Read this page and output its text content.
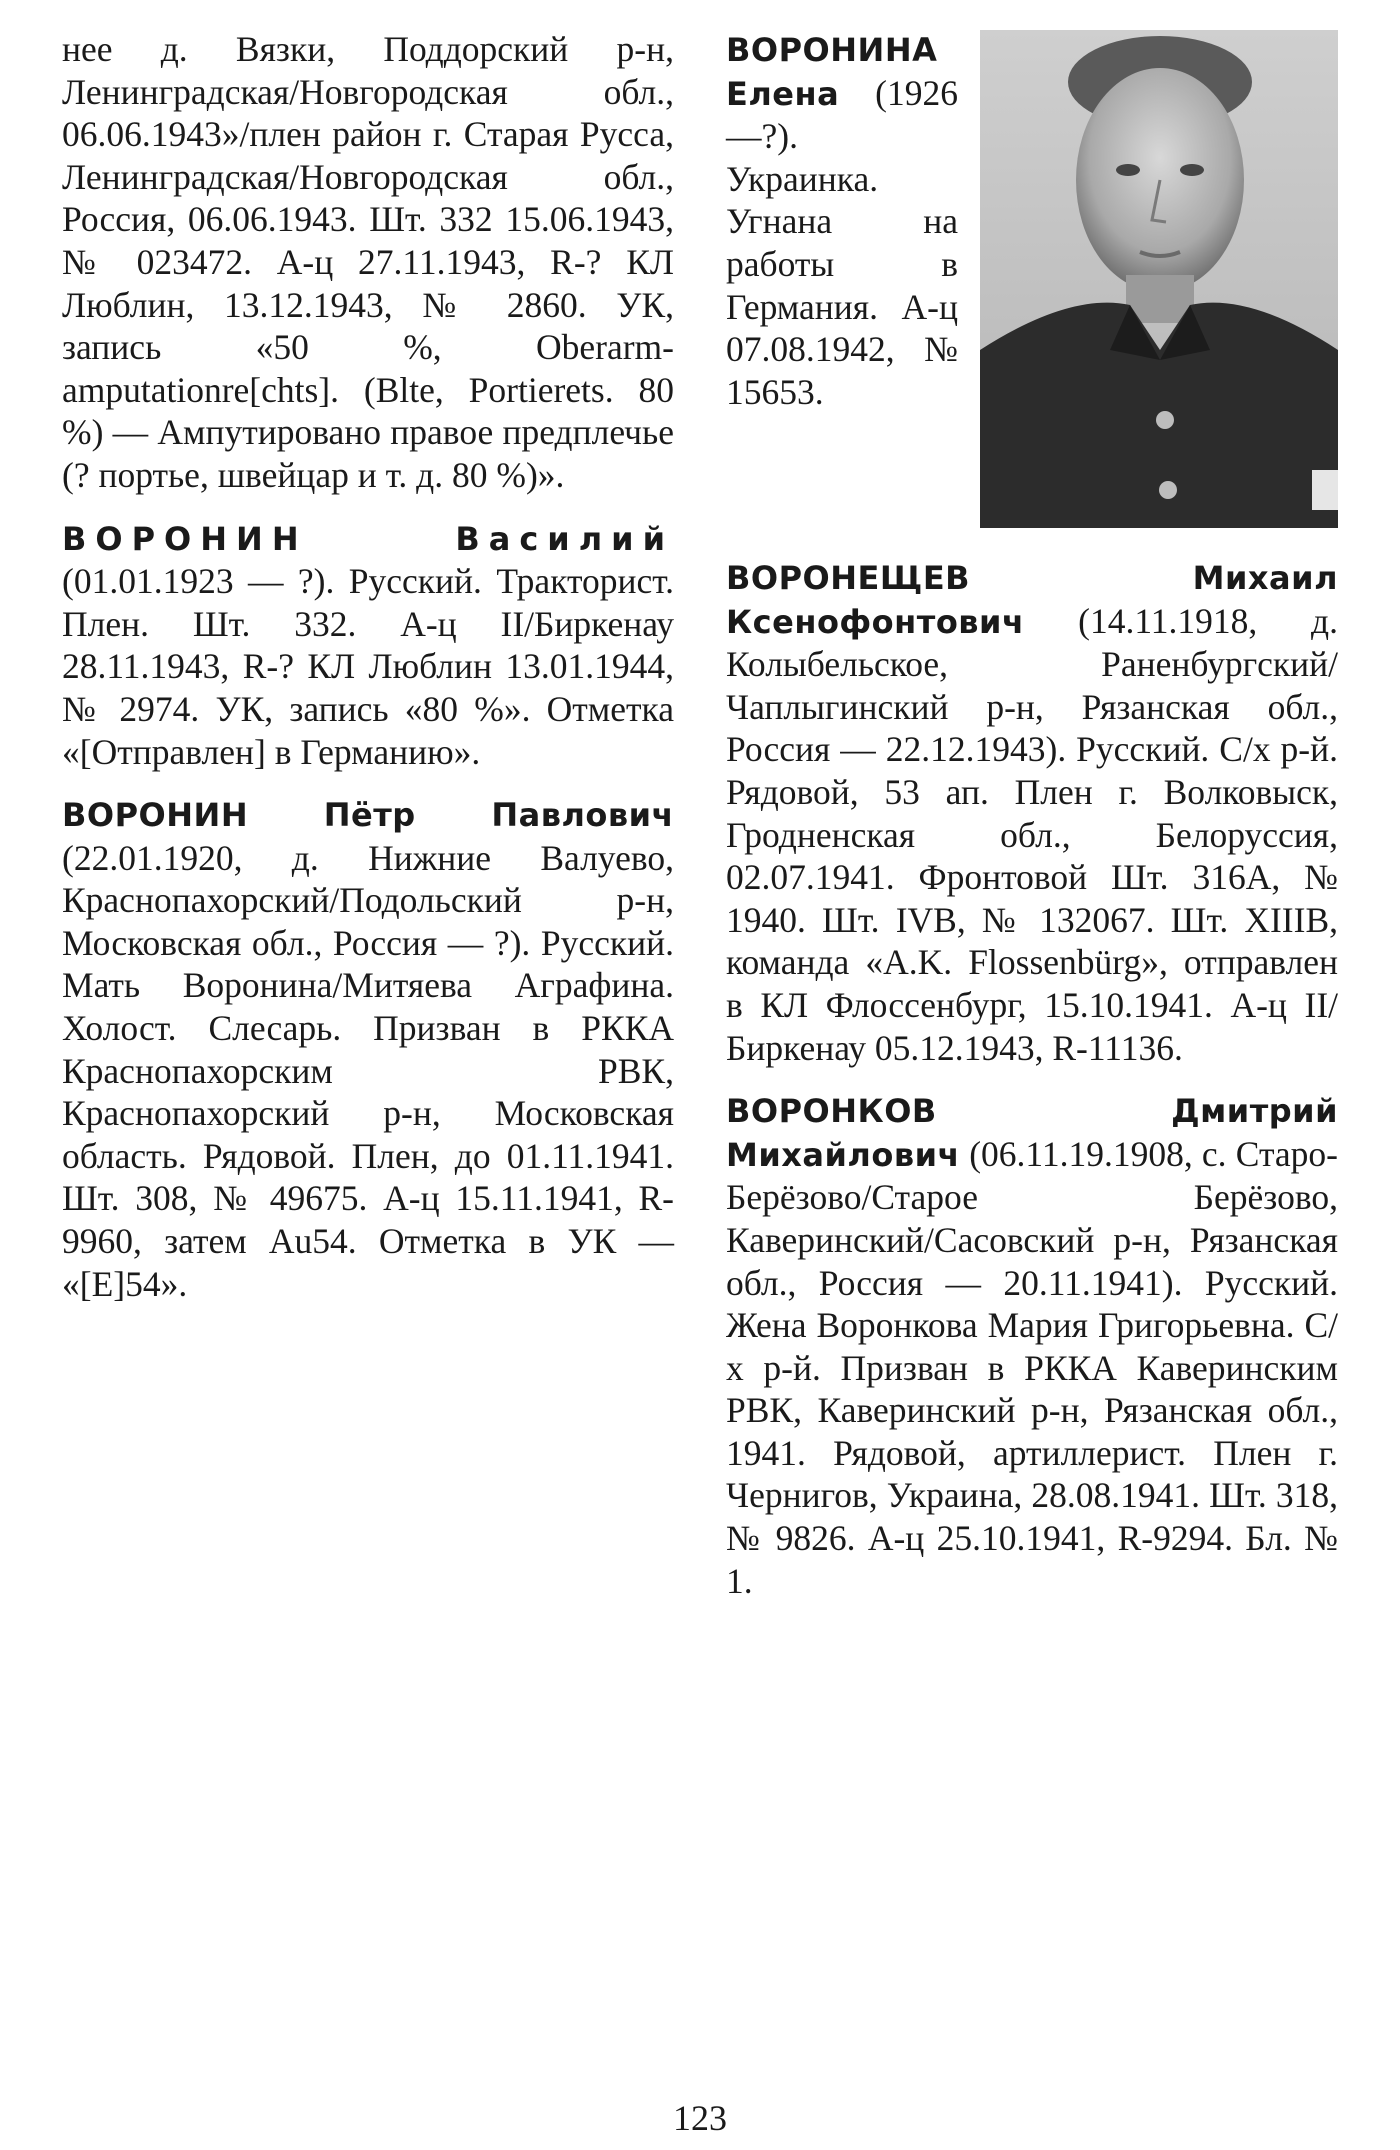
нее д. Вязки, Поддорский р-н, Ленинградская/Новгородская обл., 06.06.1943»/плен район г. Старая Русса, Ленинградская/Новгородская обл., Россия, 06.06.1943. Шт. 332 15.06.1943, № 023472. А-ц 27.11.1943, R-? КЛ Люблин, 13.12.1943, № 2860. УК, запись «50 %, Oberarmamputationre[chts]. (Blte, Portierets. 80 %) — Ампутировано правое предплечье (? портье, швейцар и т. д. 80 %)».

ВОРОНИН Василий (01.01.1923 — ?). Русский. Тракторист. Плен. Шт. 332. А-ц II/Биркенау 28.11.1943, R-? КЛ Люблин 13.01.1944, № 2974. УК, запись «80 %». Отметка «[Отправлен] в Германию».

ВОРОНИН Пётр Павлович (22.01.1920, д. Нижние Валуево, Краснопахорский/Подольский р-н, Московская обл., Россия — ?). Русский. Мать Воронина/Митяева Аграфина. Холост. Слесарь. Призван в РККА Краснопахорским РВК, Краснопахорский р-н, Московская область. Рядовой. Плен, до 01.11.1941. Шт. 308, № 49675. А-ц 15.11.1941, R-9960, затем Au54. Отметка в УК — «[E]54».

ВОРОНИНА Елена (1926—?). Украинка. Угнана на работы в Германия. А-ц 07.08.1942, № 15653.

ВОРОНЕЩЕВ Михаил Ксенофонтович (14.11.1918, д. Колыбельское, Раненбургский/Чаплыгинский р-н, Рязанская обл., Россия — 22.12.1943). Русский. С/х р-й. Рядовой, 53 ап. Плен г. Волковыск, Гродненская обл., Белоруссия, 02.07.1941. Фронтовой Шт. 316А, № 1940. Шт. IVB, № 132067. Шт. XIIIB, команда «A.K. Flossenbürg», отправлен в КЛ Флоссенбург, 15.10.1941. А-ц II/Биркенау 05.12.1943, R-11136.

ВОРОНКОВ Дмитрий Михайлович (06.11.19.1908, с. Старо-Берёзово/Старое Берёзово, Каверинский/Сасовский р-н, Рязанская обл., Россия — 20.11.1941). Русский. Жена Воронкова Мария Григорьевна. С/х р-й. Призван в РККА Каверинским РВК, Каверинский р-н, Рязанская обл., 1941. Рядовой, артиллерист. Плен г. Чернигов, Украина, 28.08.1941. Шт. 318, № 9826. А-ц 25.10.1941, R-9294. Бл. № 1.

123
